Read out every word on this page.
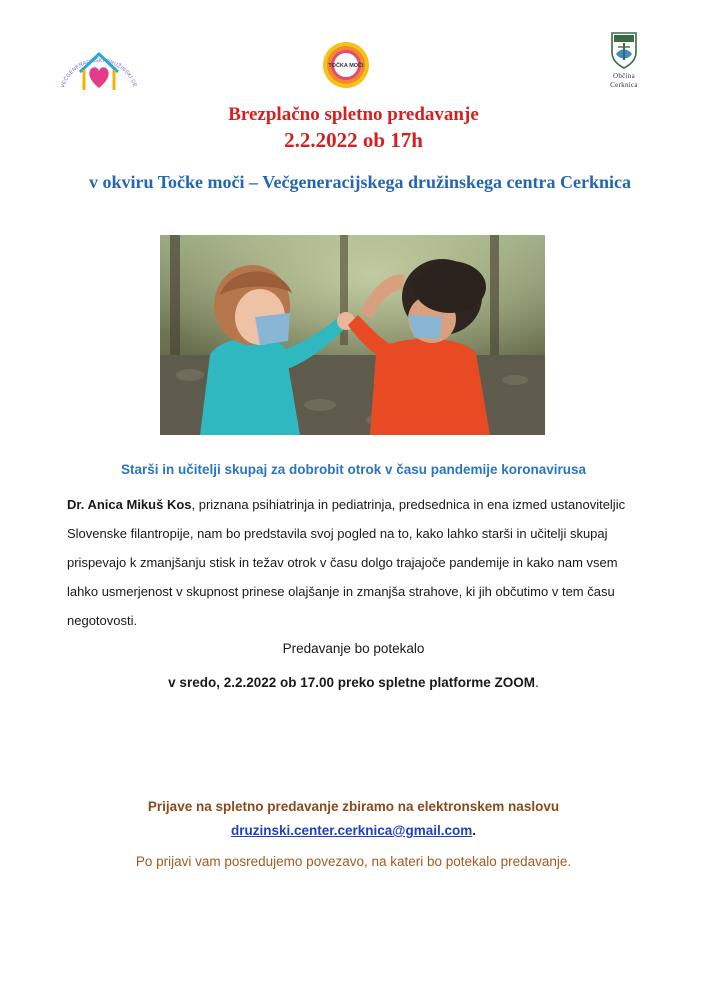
VEČGENERACIJSKI DRUŽINSKI CE
TOČKA MOČI
Občina
Cerknica
Brezplačno spletno predavanje
2.2.2022 ob 17h
v okviru Točke moči – Večgeneracijskega družinskega centra Cerknica
Starši in učitelji skupaj za dobrobit otrok v času pandemije koronavirusa
Dr. Anica Mikuš Kos, priznana psihiatrinja in pediatrinja, predsednica in ena izmed ustanoviteljic Slovenske filantropije, nam bo predstavila svoj pogled na to, kako lahko starši in učitelji skupaj prispevajo k zmanjšanju stisk in težav otrok v času dolgo trajajoče pandemije in kako nam vsem lahko usmerjenost v skupnost prinese olajšanje in zmanjša strahove, ki jih občutimo v tem času negotovosti.
Predavanje bo potekalo
v sredo, 2.2.2022 ob 17.00 preko spletne platforme ZOOM.
Prijave na spletno predavanje zbiramo na elektronskem naslovu
druzinski.center.cerknica@gmail.com.
Po prijavi vam posredujemo povezavo, na kateri bo potekalo predavanje.
